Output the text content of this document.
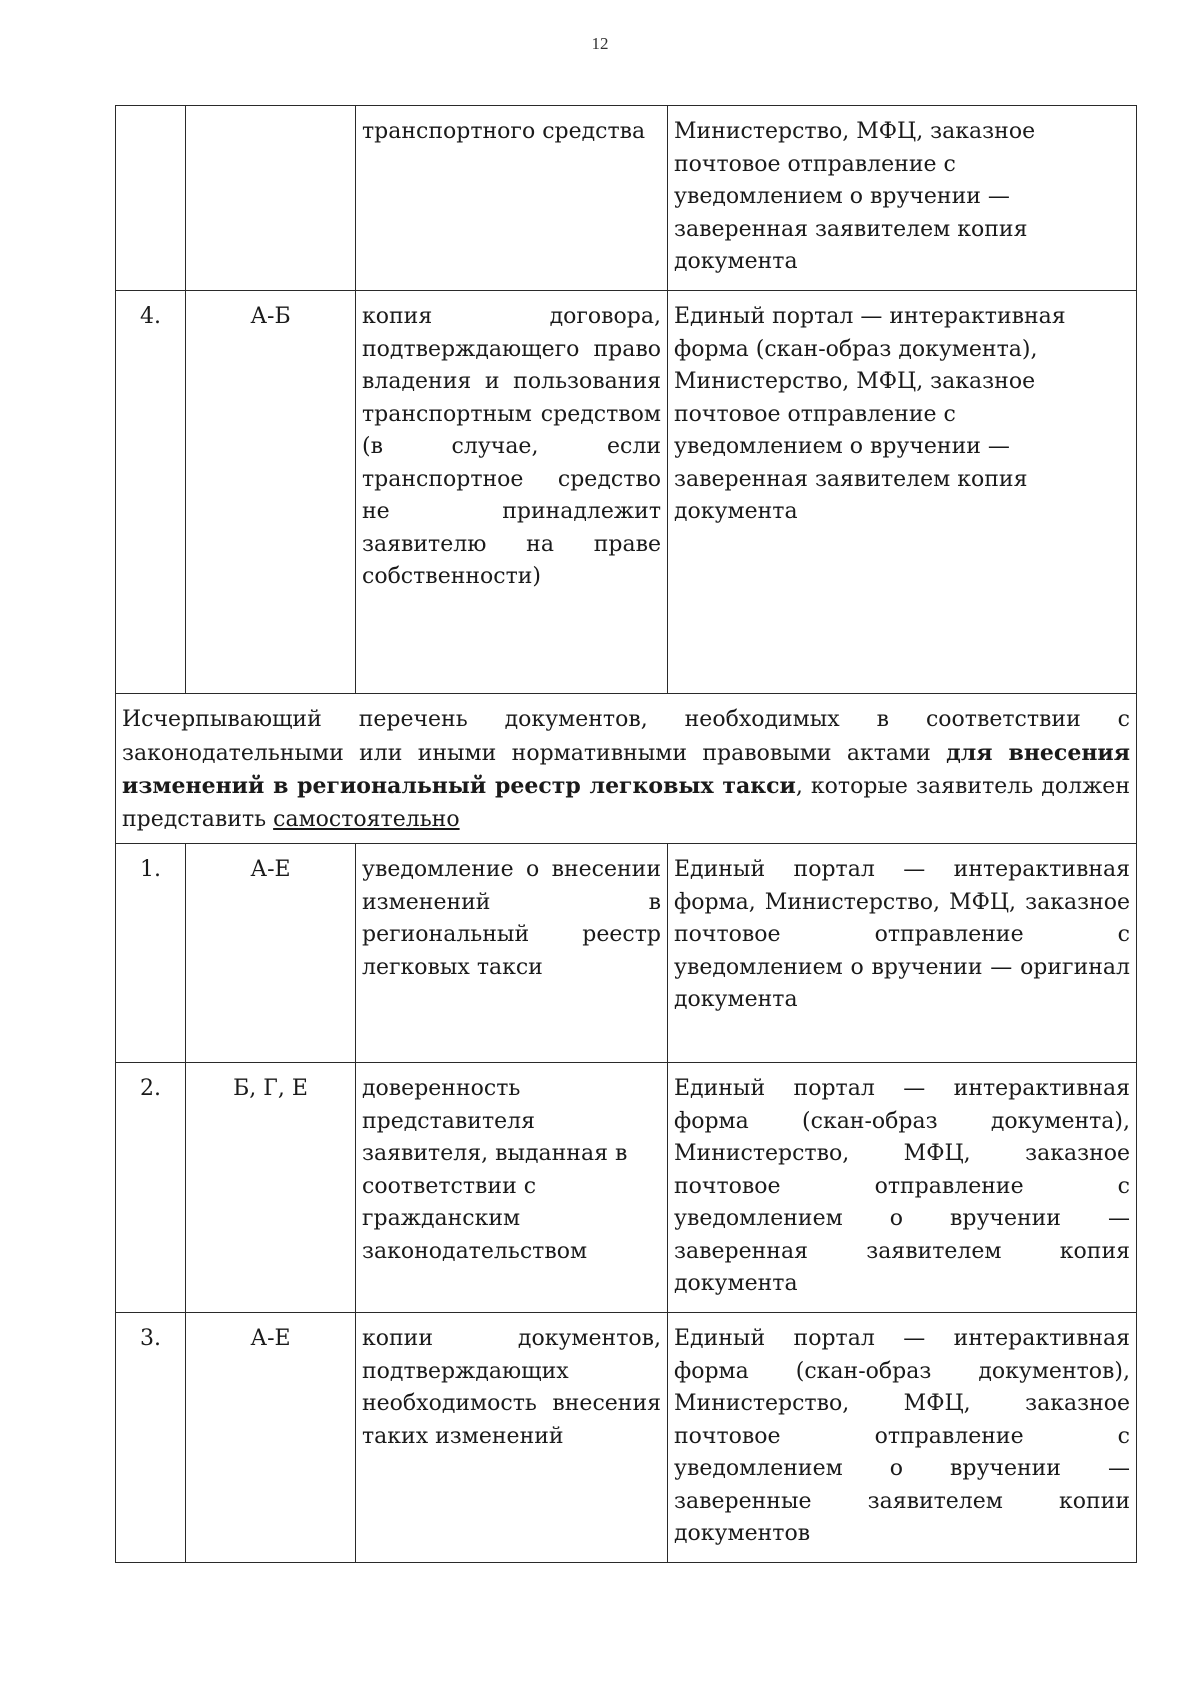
12
		транспортного средства	Министерство, МФЦ, заказное почтовое отправление с уведомлением о вручении — заверенная заявителем копия документа
4.	А-Б	копия договора, подтверждающего право владения и пользования транспортным средством (в случае, если транспортное средство не принадлежит заявителю на праве собственности)	Единый портал — интерактивная форма (скан-образ документа), Министерство, МФЦ, заказное почтовое отправление с уведомлением о вручении — заверенная заявителем копия документа
Исчерпывающий перечень документов, необходимых в соответствии с законодательными или иными нормативными правовыми актами для внесения изменений в региональный реестр легковых такси, которые заявитель должен представить самостоятельно			
1.	А-Е	уведомление о внесении изменений в региональный реестр легковых такси	Единый портал — интерактивная форма, Министерство, МФЦ, заказное почтовое отправление с уведомлением о вручении — оригинал документа
2.	Б, Г, Е	доверенность представителя заявителя, выданная в соответствии с гражданским законодательством	Единый портал — интерактивная форма (скан-образ документа), Министерство, МФЦ, заказное почтовое отправление с уведомлением о вручении — заверенная заявителем копия документа
3.	А-Е	копии документов, подтверждающих необходимость внесения таких изменений	Единый портал — интерактивная форма (скан-образ документов), Министерство, МФЦ, заказное почтовое отправление с уведомлением о вручении — заверенные заявителем копии документов
